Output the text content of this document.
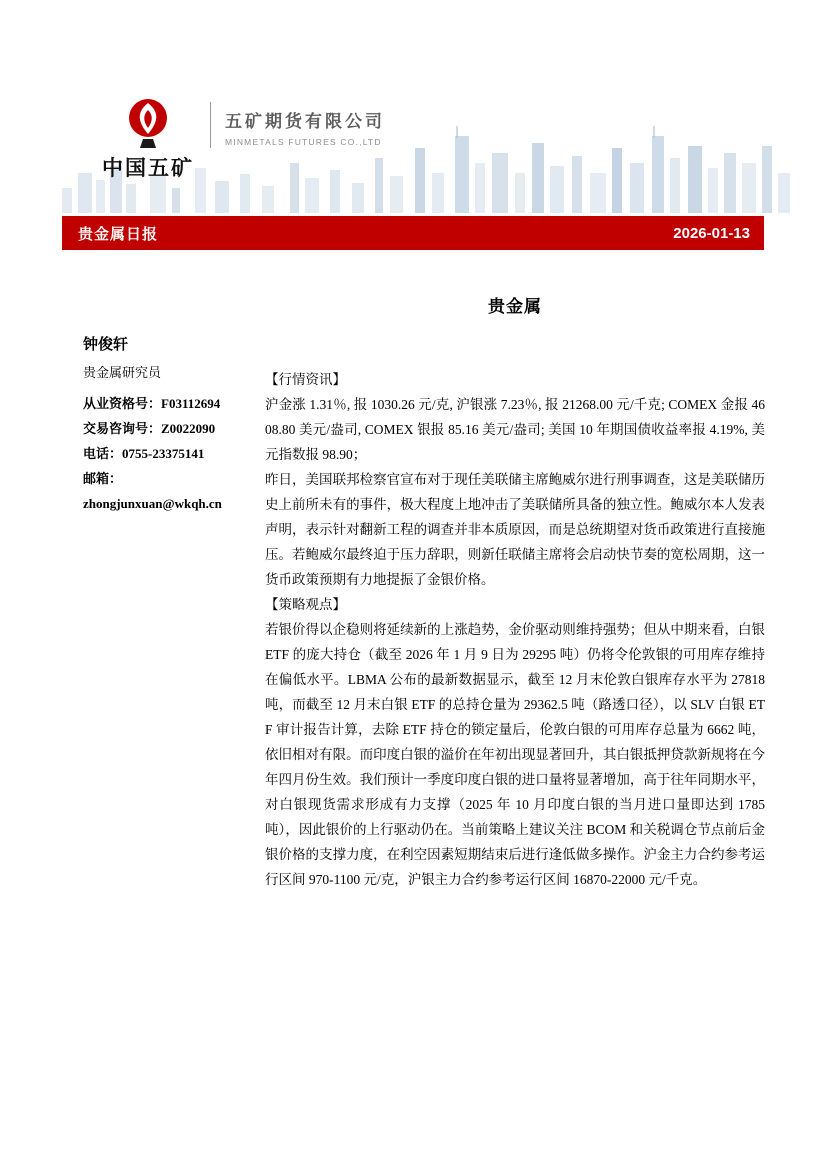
中国五矿
五矿期货有限公司
MINMETALS FUTURES CO.,LTD
贵金属日报	2026-01-13
钟俊轩
贵金属研究员
从业资格号：F03112694
交易咨询号：Z0022090
电话：0755-23375141
邮箱：
zhongjunxuan@wkqh.cn
贵金属
【行情资讯】

沪金涨 1.31％, 报 1030.26 元/克, 沪银涨 7.23％, 报 21268.00 元/千克; COMEX 金报 4608.80 美元/盎司, COMEX 银报 85.16 美元/盎司; 美国 10 年期国债收益率报 4.19%, 美元指数报 98.90；

昨日，美国联邦检察官宣布对于现任美联储主席鲍威尔进行刑事调查，这是美联储历史上前所未有的事件，极大程度上地冲击了美联储所具备的独立性。鲍威尔本人发表声明，表示针对翻新工程的调查并非本质原因，而是总统期望对货币政策进行直接施压。若鲍威尔最终迫于压力辞职，则新任联储主席将会启动快节奏的宽松周期，这一货币政策预期有力地提振了金银价格。

【策略观点】

若银价得以企稳则将延续新的上涨趋势，金价驱动则维持强势；但从中期来看，白银 ETF 的庞大持仓（截至 2026 年 1 月 9 日为 29295 吨）仍将令伦敦银的可用库存维持在偏低水平。LBMA 公布的最新数据显示，截至 12 月末伦敦白银库存水平为 27818 吨，而截至 12 月末白银 ETF 的总持仓量为 29362.5 吨（路透口径），以 SLV 白银 ETF 审计报告计算，去除 ETF 持仓的锁定量后，伦敦白银的可用库存总量为 6662 吨，依旧相对有限。而印度白银的溢价在年初出现显著回升，其白银抵押贷款新规将在今年四月份生效。我们预计一季度印度白银的进口量将显著增加，高于往年同期水平，对白银现货需求形成有力支撑（2025 年 10 月印度白银的当月进口量即达到 1785 吨），因此银价的上行驱动仍在。当前策略上建议关注 BCOM 和关税调仓节点前后金银价格的支撑力度，在利空因素短期结束后进行逢低做多操作。沪金主力合约参考运行区间 970-1100 元/克，沪银主力合约参考运行区间 16870-22000 元/千克。
